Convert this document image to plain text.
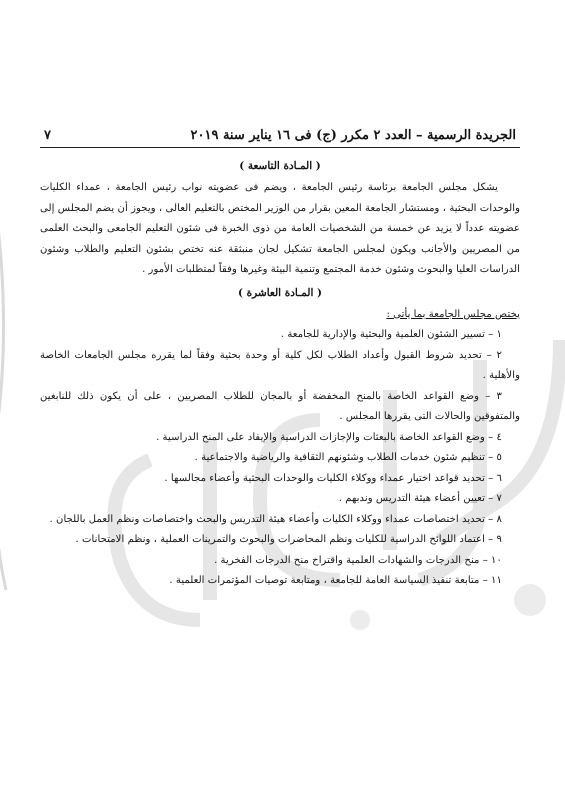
الجريدة الرسمية – العدد ٢ مكرر (ج) فى ١٦ يناير سنة ٢٠١٩
٧
( المـادة التاسعة )

يشكل مجلس الجامعة برئاسة رئيس الجامعة ، ويضم فى عضويته نواب رئيس الجامعة ، عمداء الكليات والوحدات البحثية ، ومستشار الجامعة المعين بقرار من الوزير المختص بالتعليم العالى ، ويجوز أن يضم المجلس إلى عضويته عدداً لا يزيد عن خمسة من الشخصيات العامة من ذوى الخبرة فى شئون التعليم الجامعى والبحث العلمى من المصريين والأجانب ويكون لمجلس الجامعة تشكيل لجان منبثقة عنه تختص بشئون التعليم والطلاب وشئون الدراسات العليا والبحوث وشئون خدمة المجتمع وتنمية البيئة وغيرها وفقاً لمتطلبات الأمور .

( المـادة العاشرة )

يختص مجلس الجامعة بما يأتى :

١ – تسيير الشئون العلمية والبحثية والإدارية للجامعة .

٢ – تحديد شروط القبول وأعداد الطلاب لكل كلية أو وحدة بحثية وفقاً لما يقرره مجلس الجامعات الخاصة والأهلية .

٣ – وضع القواعد الخاصة بالمنح المخفضة أو بالمجان للطلاب المصريين ، على أن يكون ذلك للنابغين والمتفوقين والحالات التى يقررها المجلس .

٤ – وضع القواعد الخاصة بالبعثات والإجازات الدراسية والإيفاد على المنح الدراسية .

٥ – تنظيم شئون خدمات الطلاب وشئونهم الثقافية والرياضية والاجتماعية .

٦ – تحديد قواعد اختيار عمداء ووكلاء الكليات والوحدات البحثية وأعضاء مجالسها .

٧ – تعيين أعضاء هيئة التدريس وندبهم .

٨ – تحديد اختصاصات عمداء ووكلاء الكليات وأعضاء هيئة التدريس والبحث واختصاصات ونظم العمل باللجان .

٩ – اعتماد اللوائح الدراسية للكليات ونظم المحاضرات والبحوث والتمرينات العملية ، ونظم الامتحانات .

١٠ – منح الدرجات والشهادات العلمية واقتراح منح الدرجات الفخرية .

١١ – متابعة تنفيذ السياسة العامة للجامعة ، ومتابعة توصيات المؤتمرات العلمية .
